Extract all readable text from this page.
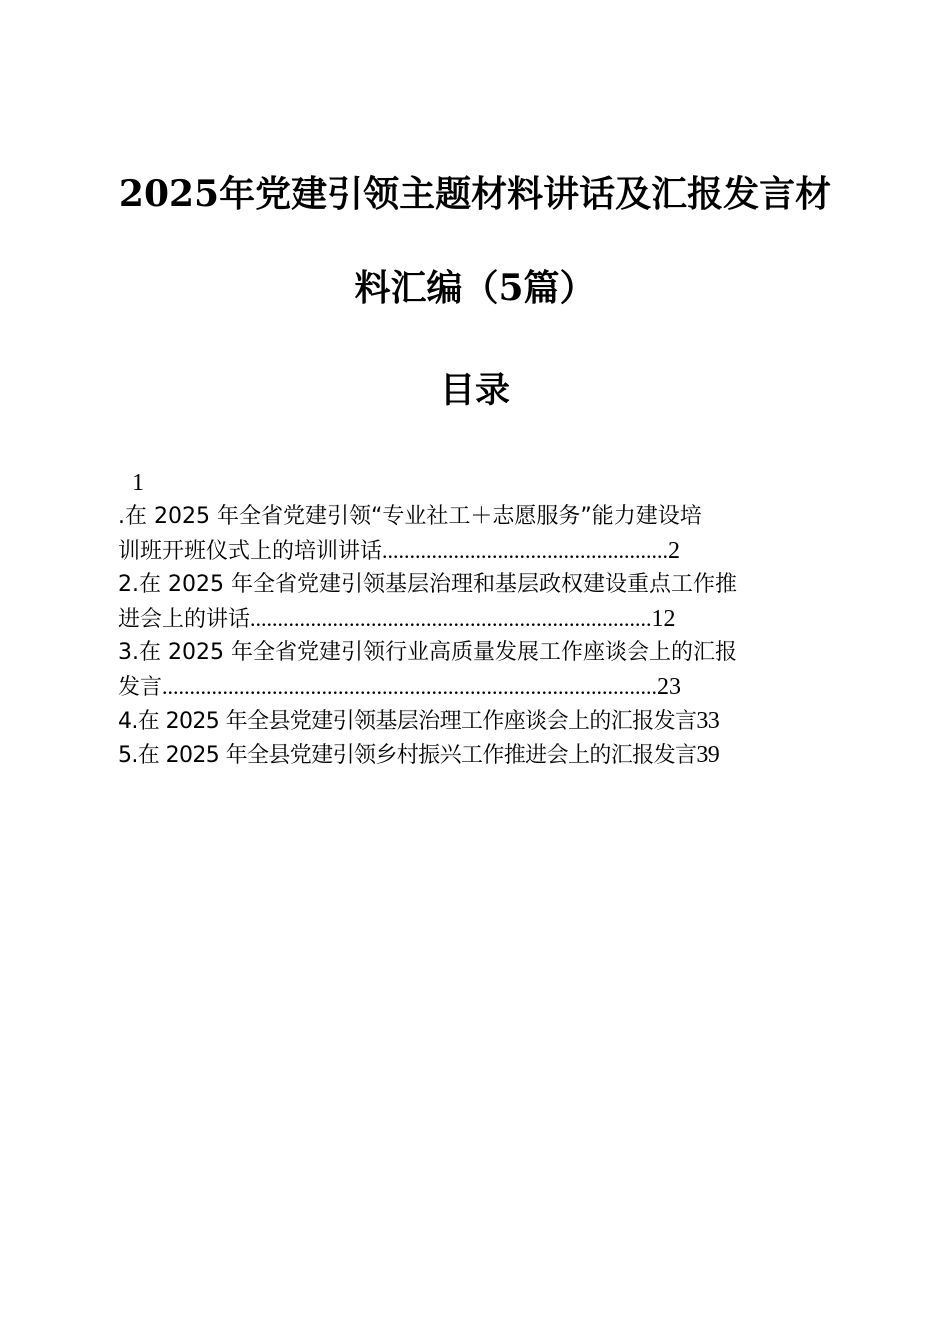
2025年党建引领主题材料讲话及汇报发言材
料汇编（5篇）
目录
1
.在 2025 年全省党建引领“专业社工＋志愿服务”能力建设培
训班开班仪式上的培训讲话....................................................2
2.在 2025 年全省党建引领基层治理和基层政权建设重点工作推
进会上的讲话.........................................................................12
3.在 2025 年全省党建引领行业高质量发展工作座谈会上的汇报
发言..........................................................................................23
4.在 2025 年全县党建引领基层治理工作座谈会上的汇报发言33
5.在 2025 年全县党建引领乡村振兴工作推进会上的汇报发言39
